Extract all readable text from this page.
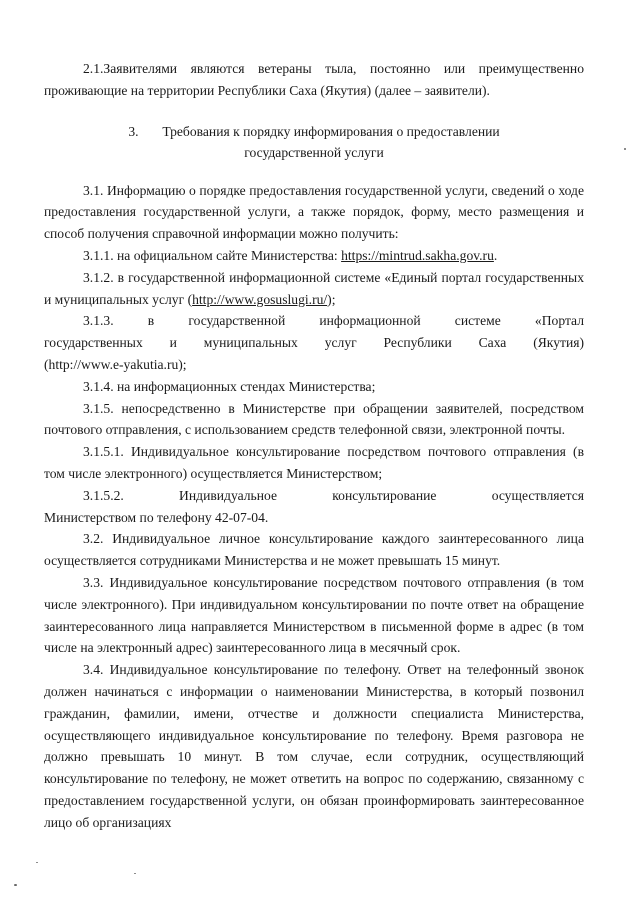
2.1.Заявителями являются ветераны тыла, постоянно или преимущественно проживающие на территории Республики Саха (Якутия) (далее – заявители).

3. Требования к порядку информирования о предоставлении
государственной услуги

3.1. Информацию о порядке предоставления государственной услуги, сведений о ходе предоставления государственной услуги, а также порядок, форму, место размещения и способ получения справочной информации можно получить:

3.1.1. на официальном сайте Министерства: https://mintrud.sakha.gov.ru.

3.1.2. в государственной информационной системе «Единый портал государственных и муниципальных услуг (http://www.gosuslugi.ru/);

3.1.3. в государственной информационной системе «Портал
государственных и муниципальных услуг Республики Саха (Якутия)
(http://www.e-yakutia.ru);

3.1.4. на информационных стендах Министерства;

3.1.5. непосредственно в Министерстве при обращении заявителей, посредством почтового отправления, с использованием средств телефонной связи, электронной почты.

3.1.5.1. Индивидуальное консультирование посредством почтового отправления (в том числе электронного) осуществляется Министерством;

3.1.5.2. Индивидуальное консультирование осуществляется
Министерством по телефону 42-07-04.

3.2. Индивидуальное личное консультирование каждого заинтересованного лица осуществляется сотрудниками Министерства и не может превышать 15 минут.

3.3. Индивидуальное консультирование посредством почтового отправления (в том числе электронного). При индивидуальном консультировании по почте ответ на обращение заинтересованного лица направляется Министерством в письменной форме в адрес (в том числе на электронный адрес) заинтересованного лица в месячный срок.

3.4. Индивидуальное консультирование по телефону. Ответ на телефонный звонок должен начинаться с информации о наименовании Министерства, в который позвонил гражданин, фамилии, имени, отчестве и должности специалиста Министерства, осуществляющего индивидуальное консультирование по телефону. Время разговора не должно превышать 10 минут. В том случае, если сотрудник, осуществляющий консультирование по телефону, не может ответить на вопрос по содержанию, связанному с предоставлением государственной услуги, он обязан проинформировать заинтересованное лицо об организациях
